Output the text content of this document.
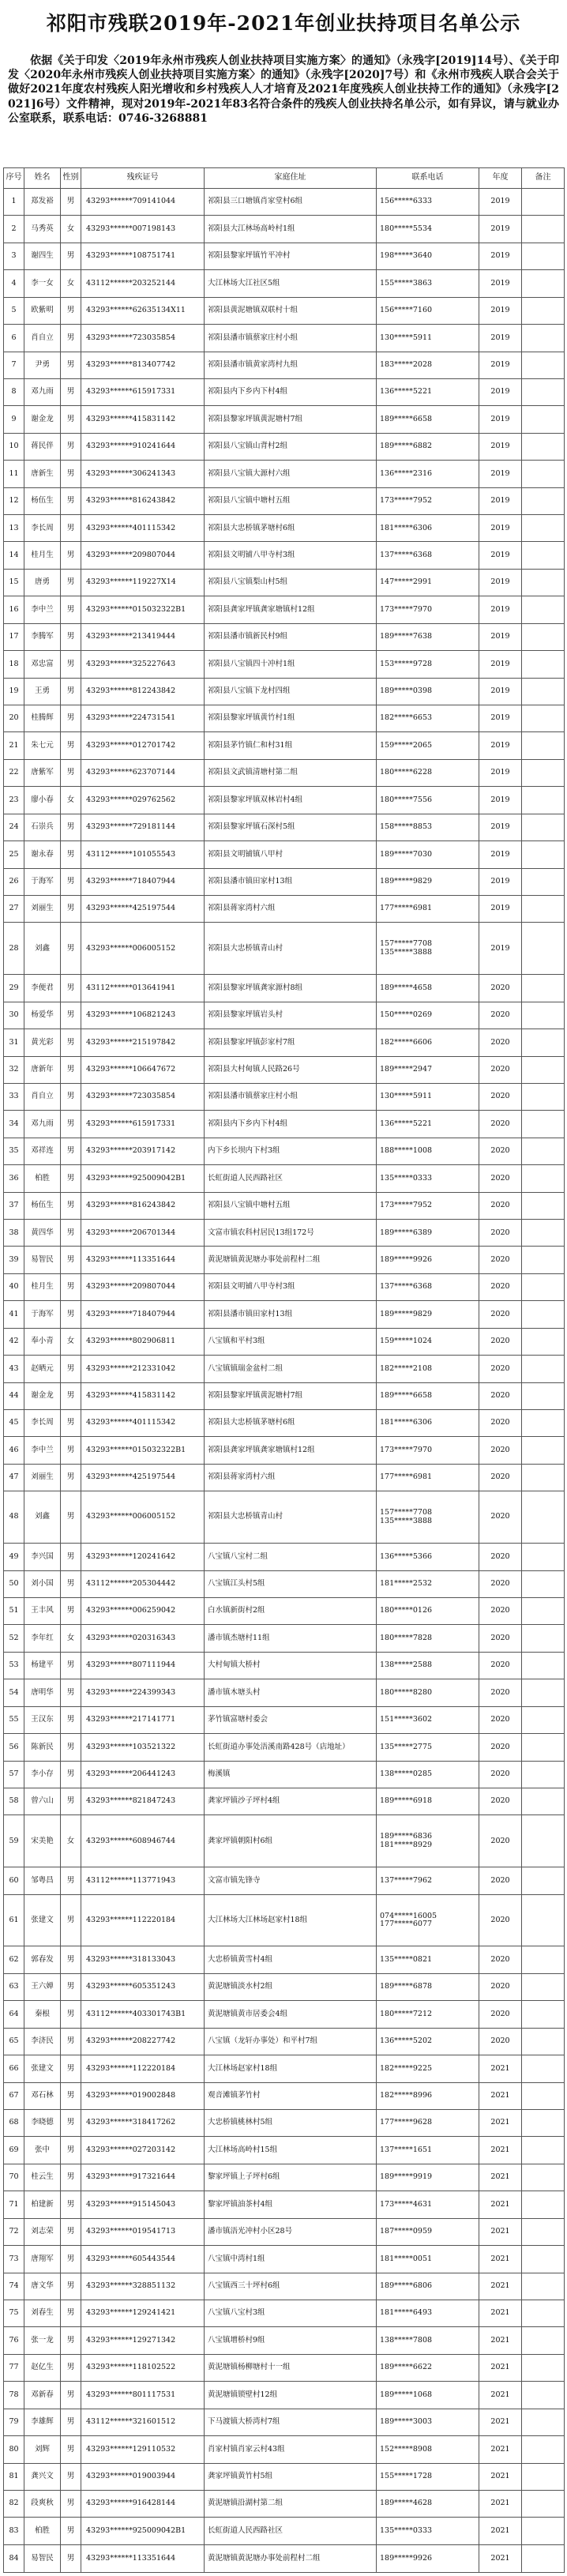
祁阳市残联2019年-2021年创业扶持项目名单公示
依据《关于印发〈2019年永州市残疾人创业扶持项目实施方案〉的通知》（永残字[2019]14号）、《关于印发〈2020年永州市残疾人创业扶持项目实施方案〉的通知》（永残字[2020]7号）和《永州市残疾人联合会关于做好2021年度农村残疾人阳光增收和乡村残疾人人才培育及2021年度残疾人创业扶持工作的通知》（永残字[2021]6号）文件精神，现对2019年-2021年83名符合条件的残疾人创业扶持名单公示，如有异议，请与就业办公室联系，联系电话：0746-3268881
序号	姓名	性别	残疾证号	家庭住址	联系电话	年度	备注
1	郑发裕	男	43293******709141044	祁阳县三口塘镇肖家堂村6组	156*****6333	2019	
2	马秀英	女	43293******007198143	祁阳县大江林场高岭村1组	180*****5534	2019	
3	谢四生	男	43293******108751741	祁阳县黎家坪镇竹平冲村	198*****3640	2019	
4	李一女	女	43112******203252144	大江林场大江社区5组	155*****3863	2019	
5	欧紫明	男	43293******62635134X11	祁阳县黄泥塘镇双联村十组	156*****7160	2019	
6	肖自立	男	43293******723035854	祁阳县潘市镇蔡家庄村小组	130*****5911	2019	
7	尹勇	男	43293******813407742	祁阳县潘市镇黄家湾村九组	183*****2028	2019	
8	邓九雨	男	43293******615917331	祁阳县内下乡内下村4组	136*****5221	2019	
9	谢金龙	男	43293******415831142	祁阳县黎家坪镇黄泥塘村7组	189*****6658	2019	
10	蒋民伴	男	43293******910241644	祁阳县八宝镇山背村2组	189*****6882	2019	
11	唐新生	男	43293******306241343	祁阳县八宝镇大源村六组	136*****2316	2019	
12	杨伍生	男	43293******816243842	祁阳县八宝镇中塘村五组	173*****7952	2019	
13	李长周	男	43293******401115342	祁阳县大忠桥镇茅塘村6组	181*****6306	2019	
14	桂月生	男	43293******209807044	祁阳县文明铺八甲寺村3组	137*****6368	2019	
15	唐勇	男	43293******119227X14	祁阳县八宝镇梨山村5组	147*****2991	2019	
16	李中兰	男	43293******015032322B1	祁阳县龚家坪镇龚家塘镇村12组	173*****7970	2019	
17	李腾军	男	43293******213419444	祁阳县潘市镇新民村9组	189*****7638	2019	
18	邓忠富	男	43293******325227643	祁阳县八宝镇四十冲村1组	153*****9728	2019	
19	王勇	男	43293******812243842	祁阳县八宝镇下龙村四组	189*****0398	2019	
20	桂腾辉	男	43293******224731541	祁阳县黎家坪镇黄竹村1组	182*****6653	2019	
21	朱七元	男	43293******012701742	祁阳县茅竹镇仁和村31组	159*****2065	2019	
22	唐紫军	男	43293******623707144	祁阳县文武镇清塘村第二组	180*****6228	2019	
23	廖小春	女	43293******029762562	祁阳县黎家坪镇双林岩村4组	180*****7556	2019	
24	石崇兵	男	43293******729181144	祁阳县黎家坪镇石深村5组	158*****8853	2019	
25	谢永春	男	43112******101055543	祁阳县文明铺镇八甲村	189*****7030	2019	
26	于海军	男	43293******718407944	祁阳县潘市镇田家村13组	189*****9829	2019	
27	刘丽生	男	43293******425197544	祁阳县蒋家湾村六组	177*****6981	2019	
28	刘鑫	男	43293******006005152	祁阳县大忠桥镇青山村	157*****7708
135*****3888	2019	
29	李便君	男	43112******013641941	祁阳县黎家坪镇龚家源村8组	189*****4658	2020	
30	杨爱华	男	43293******106821243	祁阳县黎家坪镇岩头村	150*****0269	2020	
31	黄光彩	男	43293******215197842	祁阳县黎家坪镇彭家村7组	182*****6606	2020	
32	唐新年	男	43293******106647672	祁阳县大村甸镇人民路26号	189*****2947	2020	
33	肖自立	男	43293******723035854	祁阳县潘市镇蔡家庄村小组	130*****5911	2020	
34	邓九雨	男	43293******615917331	祁阳县内下乡内下村4组	136*****5221	2020	
35	邓祥连	男	43293******203917142	内下乡长坝内下村3组	188*****1008	2020	
36	柏胜	男	43293******925009042B1	长虹街道人民西路社区	135*****0333	2020	
37	杨伍生	男	43293******816243842	祁阳县八宝镇中塘村五组	173*****7952	2020	
38	黄四华	男	43293******206701344	文富市镇农科村居民13组172号	189*****6389	2020	
39	易智民	男	43293******113351644	黄泥塘镇黄泥塘办事处前程村二组	189*****9926	2020	
40	桂月生	男	43293******209807044	祁阳县文明铺八甲寺村3组	137*****6368	2020	
41	于海军	男	43293******718407944	祁阳县潘市镇田家村13组	189*****9829	2020	
42	奉小青	女	43293******802906811	八宝镇和平村3组	159*****1024	2020	
43	赵晒元	男	43293******212331042	八宝镇镇瑞金盆村二组	182*****2108	2020	
44	谢金龙	男	43293******415831142	祁阳县黎家坪镇黄泥塘村7组	189*****6658	2020	
45	李长周	男	43293******401115342	祁阳县大忠桥镇茅塘村6组	181*****6306	2020	
46	李中兰	男	43293******015032322B1	祁阳县龚家坪镇龚家塘镇村12组	173*****7970	2020	
47	刘丽生	男	43293******425197544	祁阳县蒋家湾村六组	177*****6981	2020	
48	刘鑫	男	43293******006005152	祁阳县大忠桥镇青山村	157*****7708
135*****3888	2020	
49	李兴国	男	43293******120241642	八宝镇八宝村二组	136*****5366	2020	
50	刘小国	男	43112******205304442	八宝镇江头村5组	181*****2532	2020	
51	王丰风	男	43293******006259042	白水镇新街村2组	180*****0126	2020	
52	李年红	女	43293******020316343	潘市镇杰塘村11组	180*****7828	2020	
53	杨建平	男	43293******807111944	大村甸镇大桥村	138*****2588	2020	
54	唐明华	男	43293******224399343	潘市镇木塘头村	180*****8280	2020	
55	王汉东	男	43293******217141771	茅竹镇富塘村委会	151*****3602	2020	
56	陈新民	男	43293******103521322	长虹街道办事处浯溪南路428号（店地址）	135*****2775	2020	
57	李小存	男	43293******206441243	梅溪镇	138*****0285	2020	
58	曾六山	男	43293******821847243	龚家坪镇沙子坪村4组	189*****6918	2020	
59	宋美艳	女	43293******608946744	龚家坪镇朝阳村6组	189*****6836
181*****8929	2020	
60	邹粤昌	男	43112******113771943	文富市镇先锋寺	137*****7962	2020	
61	张建文	男	43293******112220184	大江林场大江林场赵家村18组	074*****16005
177*****6077	2020	
62	郭春发	男	43293******318133043	大忠桥镇黄雪村4组	135*****0821	2020	
63	王六婵	男	43293******605351243	黄泥塘镇淡水村2组	189*****6878	2020	
64	秦根	男	43112******403301743B1	黄泥塘镇黄市居委会4组	180*****7212	2020	
65	李济民	男	43293******208227742	八宝镇（龙轩办事处）和平村7组	136*****5202	2020	
66	张建文	男	43293******112220184	大江林场赵家村18组	182*****9225	2021	
67	邓石林	男	43293******019002848	观音滩镇茅竹村	182*****8996	2021	
68	李晓德	男	43293******318417262	大忠桥镇桃林村5组	177*****9628	2021	
69	张中	男	43293******027203142	大江林场高岭村15组	137*****1651	2021	
70	桂云生	男	43293******917321644	黎家坪镇上子坪村6组	189*****9919	2021	
71	柏建新	男	43293******915145043	黎家坪镇油茶村4组	173*****4631	2021	
72	刘志荣	男	43293******019541713	潘市镇浯光冲村小区28号	187*****0959	2021	
73	唐翔军	男	43293******605443544	八宝镇中湾村1组	181*****0051	2021	
74	唐文华	男	43293******328851132	八宝镇西三十坪村6组	189*****6806	2021	
75	刘春生	男	43293******129241421	八宝镇八宝村3组	181*****6493	2021	
76	张一龙	男	43293******129271342	八宝镇增桥村9组	138*****7808	2021	
77	赵亿生	男	43293******118102522	黄泥塘镇杨柳塘村十一组	189*****6622	2021	
78	邓新春	男	43293******801117531	黄泥塘镇锁壁村12组	189*****1068	2021	
79	李雄辉	男	43112******321601512	下马渡镇大桥湾村7组	189*****3003	2021	
80	刘辉	男	43293******129110532	肖家村镇肖家云村43组	152*****8908	2021	
81	龚兴文	男	43293******019003944	龚家坪镇黄竹村5组	155*****1728	2021	
82	段爽秋	男	43293******916428144	黄泥塘镇沿湖村第二组	189*****4628	2021	
83	柏胜	男	43293******925009042B1	长虹街道人民西路社区	135*****0333	2021	
84	易智民	男	43293******113351644	黄泥塘镇黄泥塘办事处前程村二组	189*****9926	2021	
